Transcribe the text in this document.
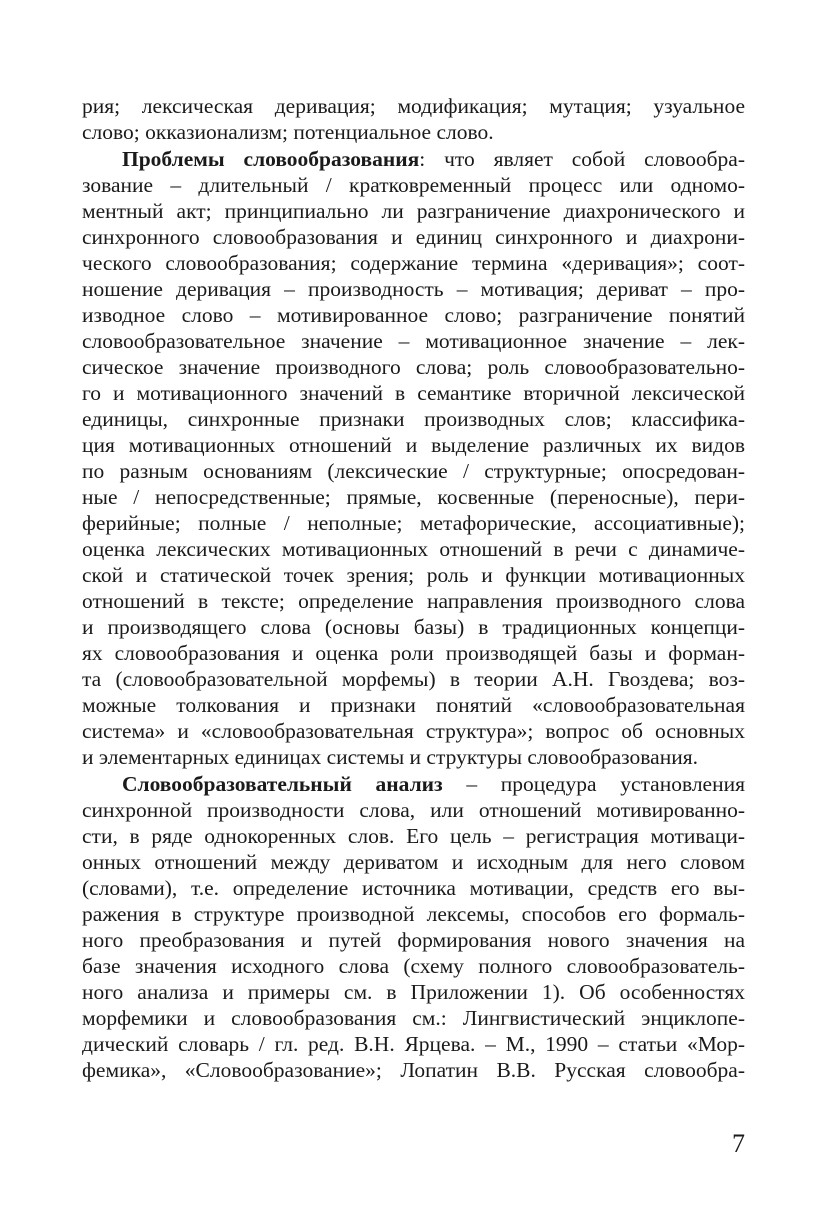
рия; лексическая деривация; модификация; мутация; узуальное
слово; окказионализм; потенциальное слово.
Проблемы словообразования: что являет собой словообра-
зование – длительный / кратковременный процесс или одномо-
ментный акт; принципиально ли разграничение диахронического и
синхронного словообразования и единиц синхронного и диахрони-
ческого словообразования; содержание термина «деривация»; соот-
ношение деривация – производность – мотивация; дериват – про-
изводное слово – мотивированное слово; разграничение понятий
словообразовательное значение – мотивационное значение – лек-
сическое значение производного слова; роль словообразовательно-
го и мотивационного значений в семантике вторичной лексической
единицы, синхронные признаки производных слов; классифика-
ция мотивационных отношений и выделение различных их видов
по разным основаниям (лексические / структурные; опосредован-
ные / непосредственные; прямые, косвенные (переносные), пери-
ферийные; полные / неполные; метафорические, ассоциативные);
оценка лексических мотивационных отношений в речи с динамиче-
ской и статической точек зрения; роль и функции мотивационных
отношений в тексте; определение направления производного слова
и производящего слова (основы базы) в традиционных концепци-
ях словообразования и оценка роли производящей базы и форман-
та (словообразовательной морфемы) в теории А.Н. Гвоздева; воз-
можные толкования и признаки понятий «словообразовательная
система» и «словообразовательная структура»; вопрос об основных
и элементарных единицах системы и структуры словообразования.
Словообразовательный анализ – процедура установления
синхронной производности слова, или отношений мотивированно-
сти, в ряде однокоренных слов. Его цель – регистрация мотиваци-
онных отношений между дериватом и исходным для него словом
(словами), т.е. определение источника мотивации, средств его вы-
ражения в структуре производной лексемы, способов его формаль-
ного преобразования и путей формирования нового значения на
базе значения исходного слова (схему полного словообразователь-
ного анализа и примеры см. в Приложении 1). Об особенностях
морфемики и словообразования см.: Лингвистический энциклопе-
дический словарь / гл. ред. В.Н. Ярцева. – М., 1990 – статьи «Мор-
фемика», «Словообразование»; Лопатин В.В. Русская словообра-
7
